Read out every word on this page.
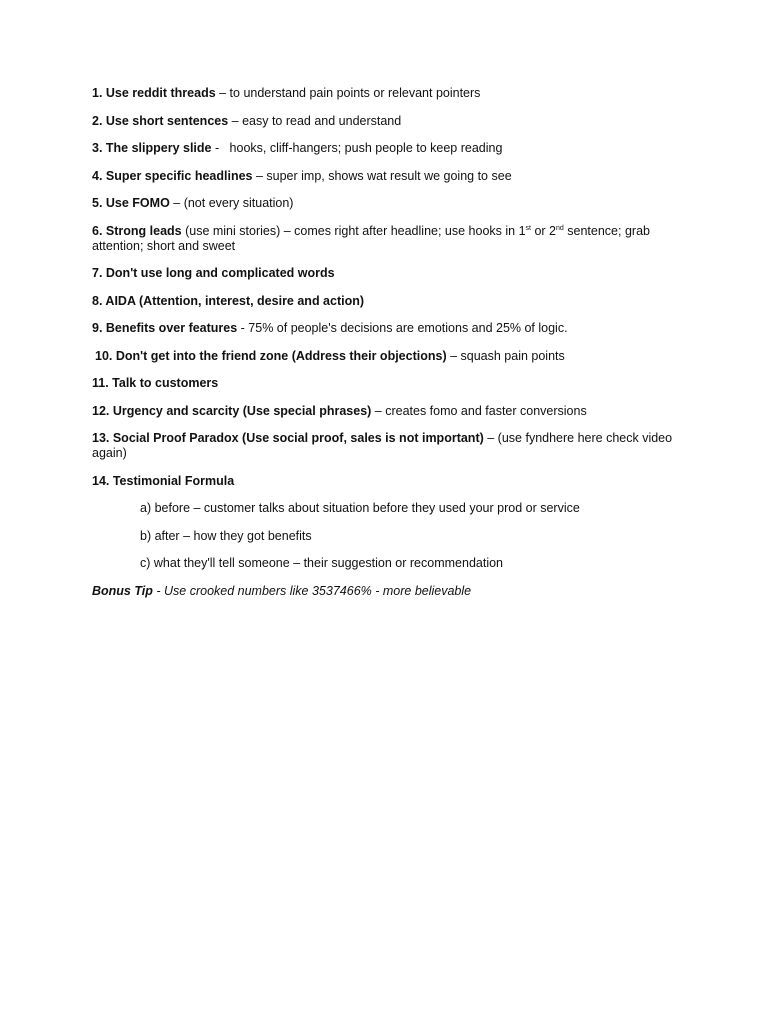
1. Use reddit threads – to understand pain points or relevant pointers
2. Use short sentences – easy to read and understand
3. The slippery slide -   hooks, cliff-hangers; push people to keep reading
4. Super specific headlines – super imp, shows wat result we going to see
5. Use FOMO – (not every situation)
6. Strong leads (use mini stories) – comes right after headline; use hooks in 1st or 2nd sentence; grab attention; short and sweet
7. Don't use long and complicated words
8. AIDA (Attention, interest, desire and action)
9. Benefits over features - 75% of people's decisions are emotions and 25% of logic.
10. Don't get into the friend zone (Address their objections) – squash pain points
11. Talk to customers
12. Urgency and scarcity (Use special phrases) – creates fomo and faster conversions
13. Social Proof Paradox (Use social proof, sales is not important) – (use fyndhere here check video again)
14. Testimonial Formula
a) before – customer talks about situation before they used your prod or service
b) after – how they got benefits
c) what they'll tell someone – their suggestion or recommendation
Bonus Tip - Use crooked numbers like 3537466% - more believable
